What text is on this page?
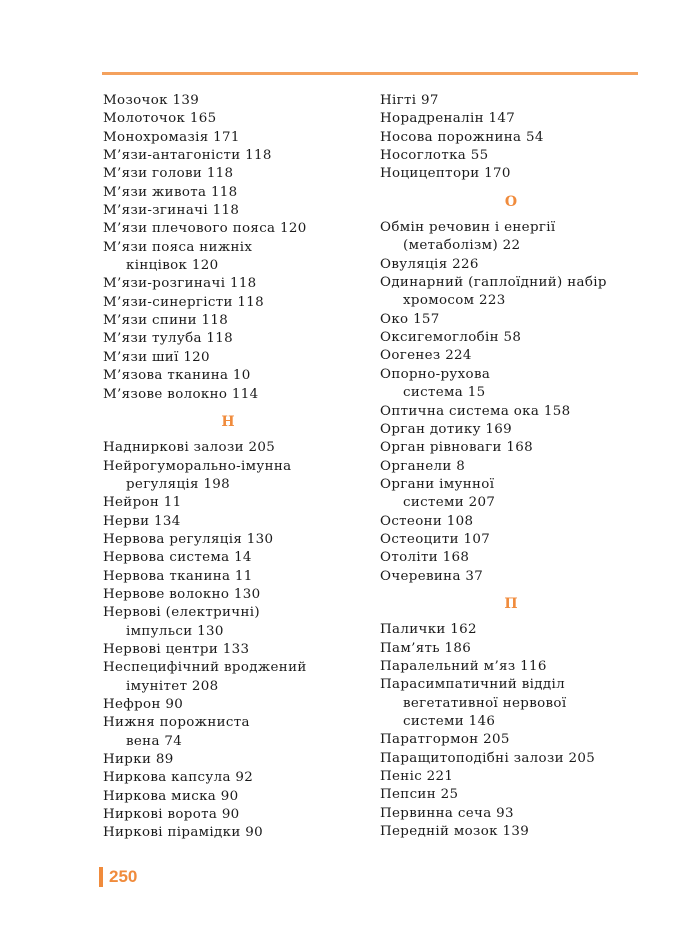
Мозочок 139
Молоточок 165
Монохромазія 171
М’язи-антагоністи 118
М’язи голови 118
М’язи живота 118
М’язи-згиначі 118
М’язи плечового пояса 120
М’язи пояса нижніх
кінцівок 120
М’язи-розгиначі 118
М’язи-синергісти 118
М’язи спини 118
М’язи тулуба 118
М’язи шиї 120
М’язова тканина 10
М’язове волокно 114
Н
Надниркові залози 205
Нейрогуморально-імунна
регуляція 198
Нейрон 11
Нерви 134
Нервова регуляція 130
Нервова система 14
Нервова тканина 11
Нервове волокно 130
Нервові (електричні)
імпульси 130
Нервові центри 133
Неспецифічний вроджений
імунітет 208
Нефрон 90
Нижня порожниста
вена 74
Нирки 89
Ниркова капсула 92
Ниркова миска 90
Ниркові ворота 90
Ниркові пірамідки 90
Нігті 97
Норадреналін 147
Носова порожнина 54
Носоглотка 55
Ноцицептори 170
О
Обмін речовин і енергії
(метаболізм) 22
Овуляція 226
Одинарний (гаплоїдний) набір
хромосом 223
Око 157
Оксигемоглобін 58
Оогенез 224
Опорно-рухова
система 15
Оптична система ока 158
Орган дотику 169
Орган рівноваги 168
Органели 8
Органи імунної
системи 207
Остеони 108
Остеоцити 107
Отоліти 168
Очеревина 37
П
Палички 162
Пам’ять 186
Паралельний м’яз 116
Парасимпатичний відділ
вегетативної нервової
системи 146
Паратгормон 205
Паращитоподібні залози 205
Пеніс 221
Пепсин 25
Первинна сеча 93
Передній мозок 139
250
